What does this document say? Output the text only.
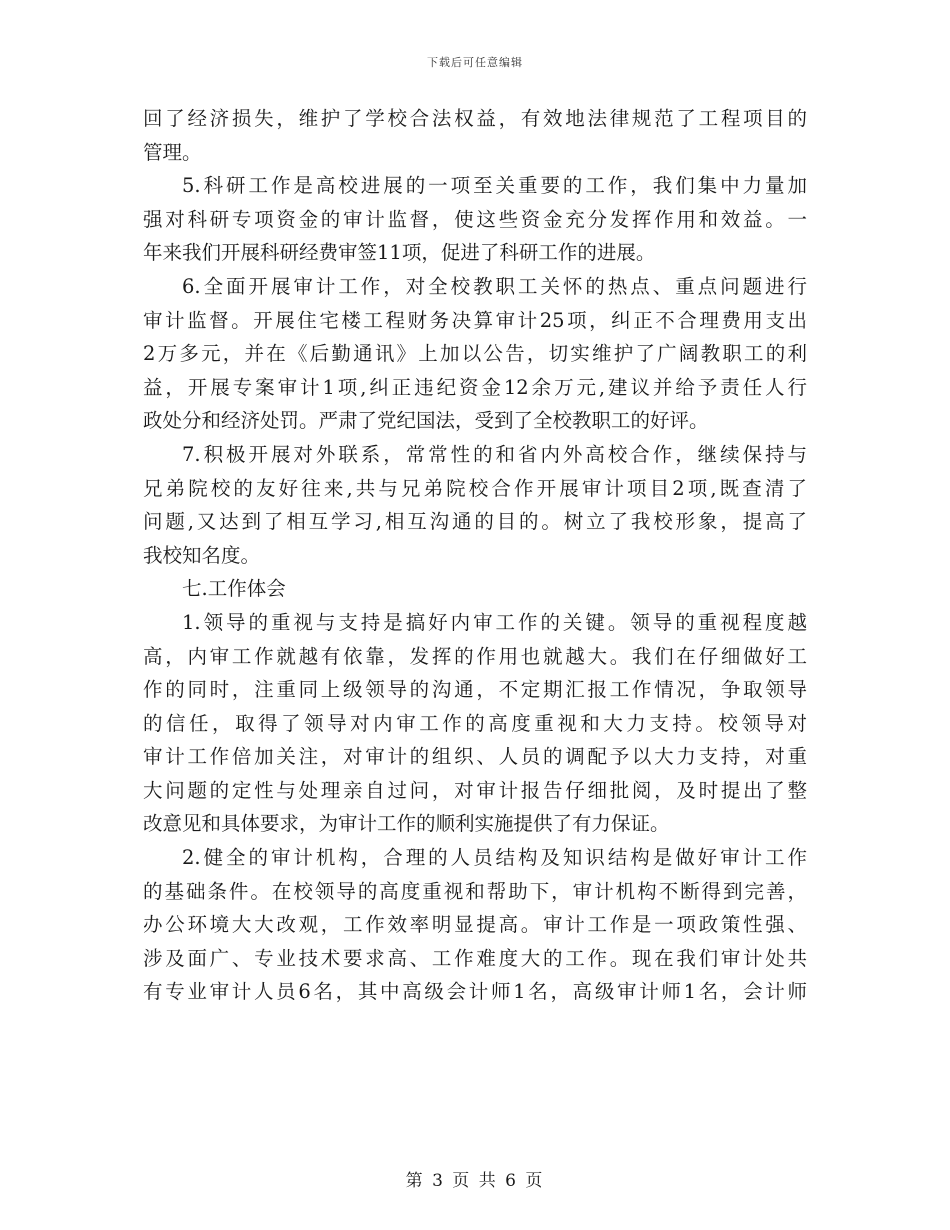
下载后可任意编辑
回了经济损失，维护了学校合法权益，有效地法律规范了工程项目的
管理。
5.科研工作是高校进展的一项至关重要的工作，我们集中力量加
强对科研专项资金的审计监督，使这些资金充分发挥作用和效益。一
年来我们开展科研经费审签11项，促进了科研工作的进展。
6.全面开展审计工作，对全校教职工关怀的热点、重点问题进行
审计监督。开展住宅楼工程财务决算审计25项，纠正不合理费用支出
2万多元，并在《后勤通讯》上加以公告，切实维护了广阔教职工的利
益，开展专案审计1项,纠正违纪资金12余万元,建议并给予责任人行
政处分和经济处罚。严肃了党纪国法，受到了全校教职工的好评。
7.积极开展对外联系，常常性的和省内外高校合作，继续保持与
兄弟院校的友好往来,共与兄弟院校合作开展审计项目2项,既查清了
问题,又达到了相互学习,相互沟通的目的。树立了我校形象，提高了
我校知名度。
七.工作体会
1.领导的重视与支持是搞好内审工作的关键。领导的重视程度越
高，内审工作就越有依靠，发挥的作用也就越大。我们在仔细做好工
作的同时，注重同上级领导的沟通，不定期汇报工作情况，争取领导
的信任，取得了领导对内审工作的高度重视和大力支持。校领导对
审计工作倍加关注，对审计的组织、人员的调配予以大力支持，对重
大问题的定性与处理亲自过问，对审计报告仔细批阅，及时提出了整
改意见和具体要求，为审计工作的顺利实施提供了有力保证。
2.健全的审计机构，合理的人员结构及知识结构是做好审计工作
的基础条件。在校领导的高度重视和帮助下，审计机构不断得到完善，
办公环境大大改观，工作效率明显提高。审计工作是一项政策性强、
涉及面广、专业技术要求高、工作难度大的工作。现在我们审计处共
有专业审计人员6名，其中高级会计师1名，高级审计师1名，会计师
第 3 页 共 6 页
